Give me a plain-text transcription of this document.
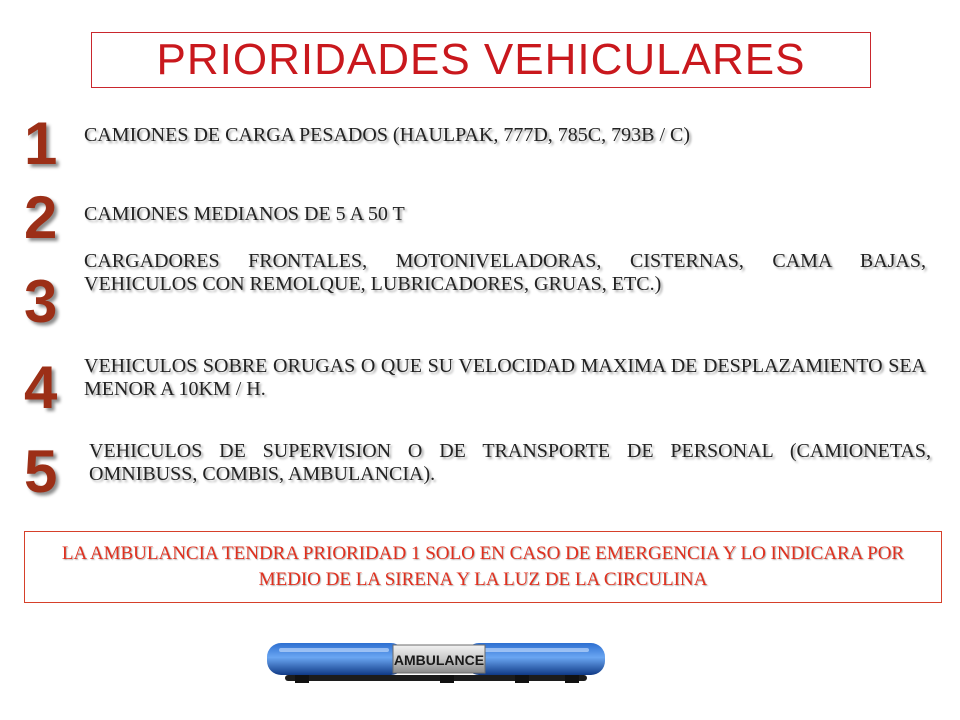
PRIORIDADES VEHICULARES
1 CAMIONES DE CARGA PESADOS (HAULPAK, 777D, 785C, 793B / C)
2 CAMIONES MEDIANOS DE 5 A 50 T
3
CARGADORES FRONTALES, MOTONIVELADORAS, CISTERNAS, CAMA BAJAS, VEHICULOS CON REMOLQUE, LUBRICADORES, GRUAS, ETC.)
4 VEHICULOS SOBRE ORUGAS O QUE SU VELOCIDAD MAXIMA DE DESPLAZAMIENTO SEA MENOR A 10KM / H.
5 VEHICULOS DE SUPERVISION O DE TRANSPORTE DE PERSONAL (CAMIONETAS, OMNIBUSS, COMBIS, AMBULANCIA).
LA AMBULANCIA TENDRA PRIORIDAD 1 SOLO EN CASO DE EMERGENCIA Y LO INDICARA POR MEDIO DE LA SIRENA Y LA LUZ DE LA CIRCULINA
AMBULANCE
